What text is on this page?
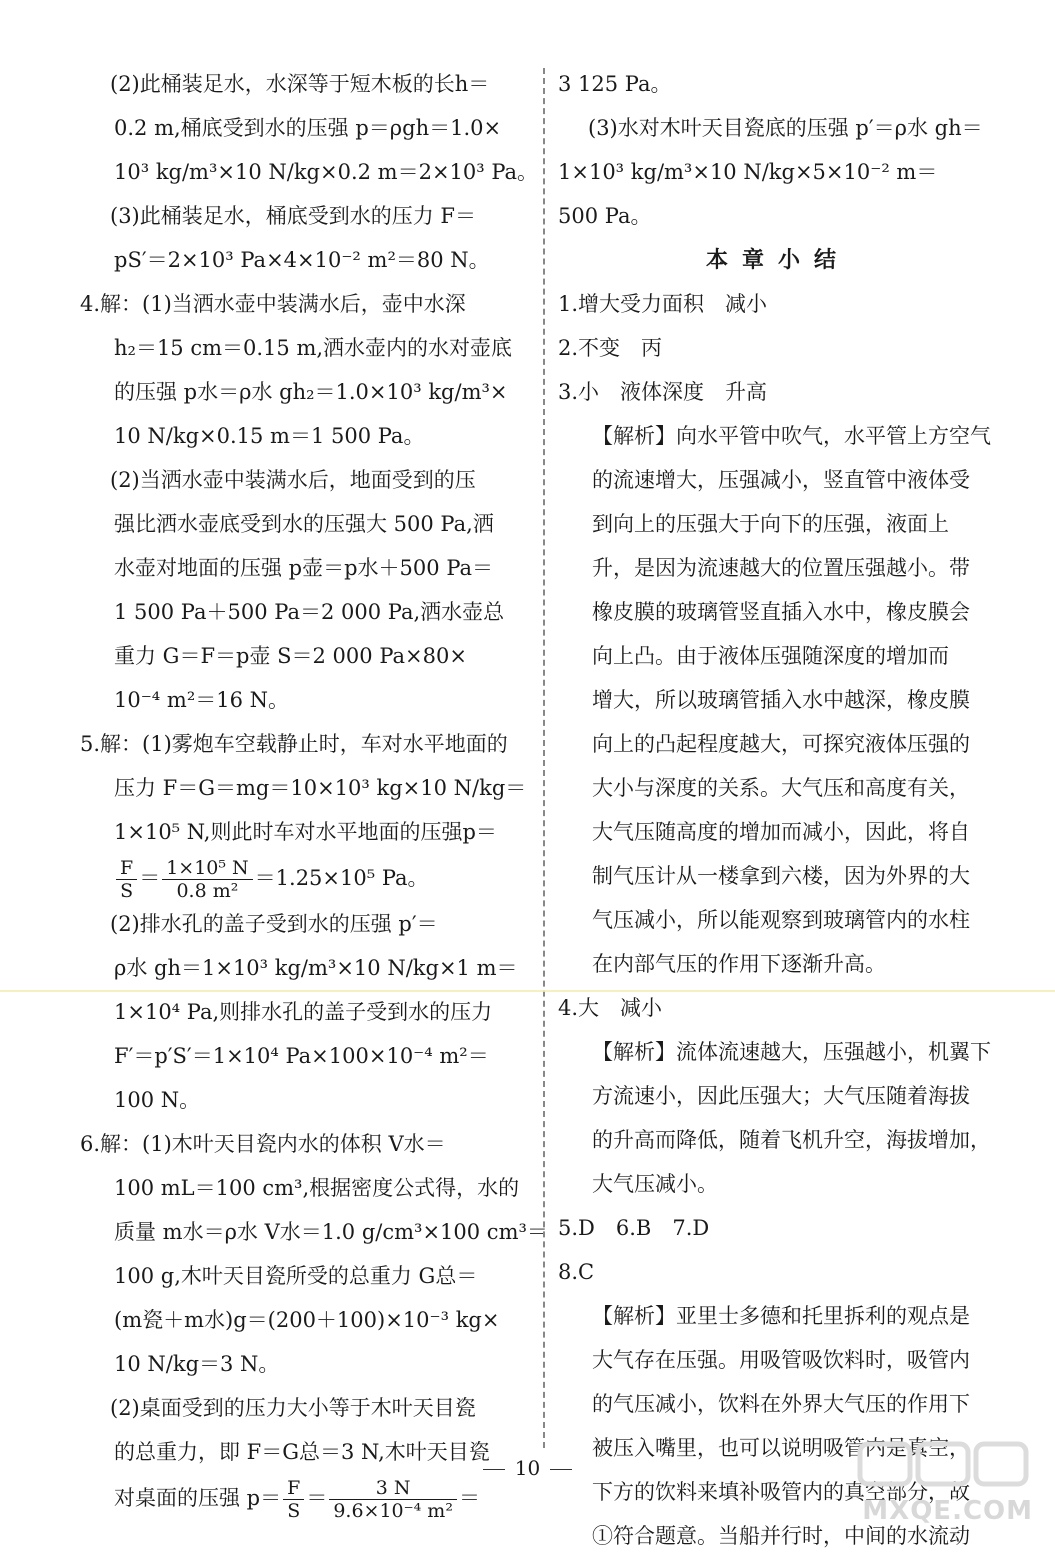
(2)此桶装足水，水深等于短木板的长h＝
0.2 m,桶底受到水的压强 p＝ρgh＝1.0×
10³ kg/m³×10 N/kg×0.2 m＝2×10³ Pa。
(3)此桶装足水，桶底受到水的压力 F＝
pS′＝2×10³ Pa×4×10⁻² m²＝80 N。
4.解：(1)当洒水壶中装满水后，壶中水深
h₂＝15 cm＝0.15 m,洒水壶内的水对壶底
的压强 p水＝ρ水 gh₂＝1.0×10³ kg/m³×
10 N/kg×0.15 m＝1 500 Pa。
(2)当洒水壶中装满水后，地面受到的压
强比洒水壶底受到水的压强大 500 Pa,洒
水壶对地面的压强 p壶＝p水＋500 Pa＝
1 500 Pa＋500 Pa＝2 000 Pa,洒水壶总
重力 G＝F＝p壶 S＝2 000 Pa×80×
10⁻⁴ m²＝16 N。
5.解：(1)雾炮车空载静止时，车对水平地面的
压力 F＝G＝mg＝10×10³ kg×10 N/kg＝
1×10⁵ N,则此时车对水平地面的压强p＝
$\frac{F}{S} = \frac{\text{1×10⁵ N}}{\text{0.8 m²}} =1.25\times 10^5$ Pa。
(2)排水孔的盖子受到水的压强 p′＝
ρ水 gh＝1×10³ kg/m³×10 N/kg×1 m＝
1×10⁴ Pa,则排水孔的盖子受到水的压力
F′＝p′S′＝1×10⁴ Pa×100×10⁻⁴ m²＝
100 N。
6.解：(1)木叶天目瓷内水的体积 V水＝
100 mL＝100 cm³,根据密度公式得，水的
质量 m水＝ρ水 V水＝1.0 g/cm³×100 cm³＝
100 g,木叶天目瓷所受的总重力 G总＝
(m瓷＋m水)g＝(200＋100)×10⁻³ kg×
10 N/kg＝3 N。
(2)桌面受到的压力大小等于木叶天目瓷
的总重力，即 F＝G总＝3 N,木叶天目瓷
对桌面的压强 $p= \frac{F}{S} = \frac{3 N}{\text{9.6×10⁻⁴ m²}}$ ＝
3 125 Pa。
(3)水对木叶天目瓷底的压强 p′＝ρ水 gh＝
1×10³ kg/m³×10 N/kg×5×10⁻² m＝
500 Pa。
本章小结
1.增大受力面积　减小
2.不变　丙
3.小　液体深度　升高
【解析】向水平管中吹气，水平管上方空气
的流速增大，压强减小，竖直管中液体受
到向上的压强大于向下的压强，液面上
升，是因为流速越大的位置压强越小。带
橡皮膜的玻璃管竖直插入水中，橡皮膜会
向上凸。由于液体压强随深度的增加而
增大，所以玻璃管插入水中越深，橡皮膜
向上的凸起程度越大，可探究液体压强的
大小与深度的关系。大气压和高度有关，
大气压随高度的增加而减小，因此，将自
制气压计从一楼拿到六楼，因为外界的大
气压减小，所以能观察到玻璃管内的水柱
在内部气压的作用下逐渐升高。
4.大　减小
【解析】流体流速越大，压强越小，机翼下
方流速小，因此压强大；大气压随着海拔
的升高而降低，随着飞机升空，海拔增加，
大气压减小。
5.D　6.B　7.D
8.C
【解析】亚里士多德和托里拆利的观点是
大气存在压强。用吸管吸饮料时，吸管内
的气压减小，饮料在外界大气压的作用下
被压入嘴里，也可以说明吸管内是真空，
下方的饮料来填补吸管内的真空部分，故
①符合题意。当船并行时，中间的水流动
10
MXQE.COM
